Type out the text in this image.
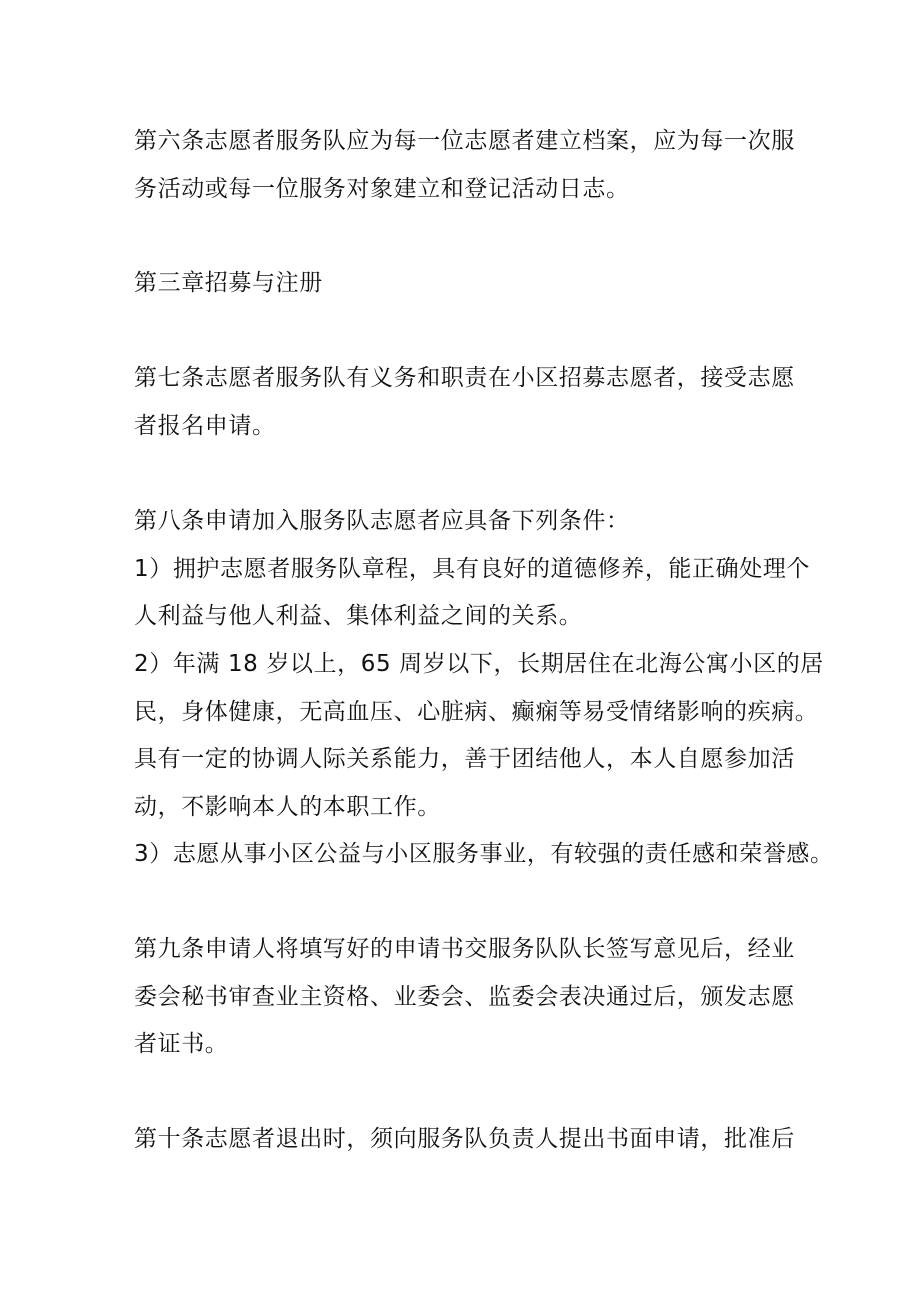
第六条志愿者服务队应为每一位志愿者建立档案，应为每一次服
务活动或每一位服务对象建立和登记活动日志。
第三章招募与注册
第七条志愿者服务队有义务和职责在小区招募志愿者，接受志愿
者报名申请。
第八条申请加入服务队志愿者应具备下列条件：
1）拥护志愿者服务队章程，具有良好的道德修养，能正确处理个
人利益与他人利益、集体利益之间的关系。
2）年满 18 岁以上，65 周岁以下，长期居住在北海公寓小区的居
民，身体健康，无高血压、心脏病、癫痫等易受情绪影响的疾病。
具有一定的协调人际关系能力，善于团结他人，本人自愿参加活
动，不影响本人的本职工作。
3）志愿从事小区公益与小区服务事业，有较强的责任感和荣誉感。
第九条申请人将填写好的申请书交服务队队长签写意见后，经业
委会秘书审查业主资格、业委会、监委会表决通过后，颁发志愿
者证书。
第十条志愿者退出时，须向服务队负责人提出书面申请，批准后
